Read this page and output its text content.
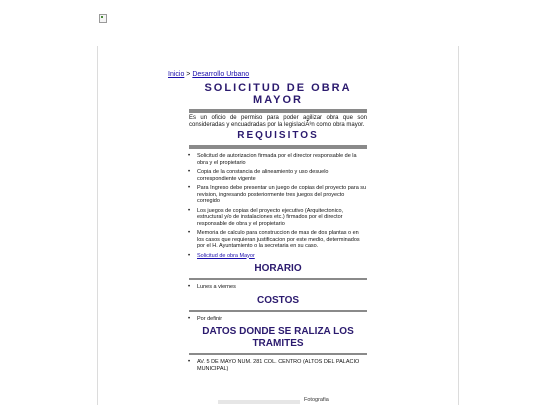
Inicio > Desarrollo Urbano
SOLICITUD DE OBRA MAYOR

Es un oficio de permiso para poder agilizar obra que son consideradas y encuadradas por la legislaciÃ³n como obra mayor.

REQUISITOS
• Solicitud de autorizacion firmada por el director responsable de la obra y el propietario
• Copia de la constancia de alineamiento y uso desuelo correspondiente vigente
• Para Ingreso debe presentar un juego de copias del proyecto para su revision, ingresando posteriormente tres juegos del proyecto corregido
• Los juegos de copias del proyecto ejecutivo (Arquitectonico, estructural y/o de instalaciones etc.) firmados por el director responsable de obra y el propietario
• Memoria de calculo para construccion de mas de dos plantas o en los casos que requieran justificacion por este medio, determinados por el H. Ayuntamiento o la secretaria en su caso.
• Solicitud de obra Mayor
HORARIO
• Lunes a viernes
COSTOS
• Por definir
DATOS DONDE SE RALIZA LOS TRAMITES
• AV. 5 DE MAYO NUM. 281 COL. CENTRO (ALTOS DEL PALACIO MUNICIPAL)
Fotografia
